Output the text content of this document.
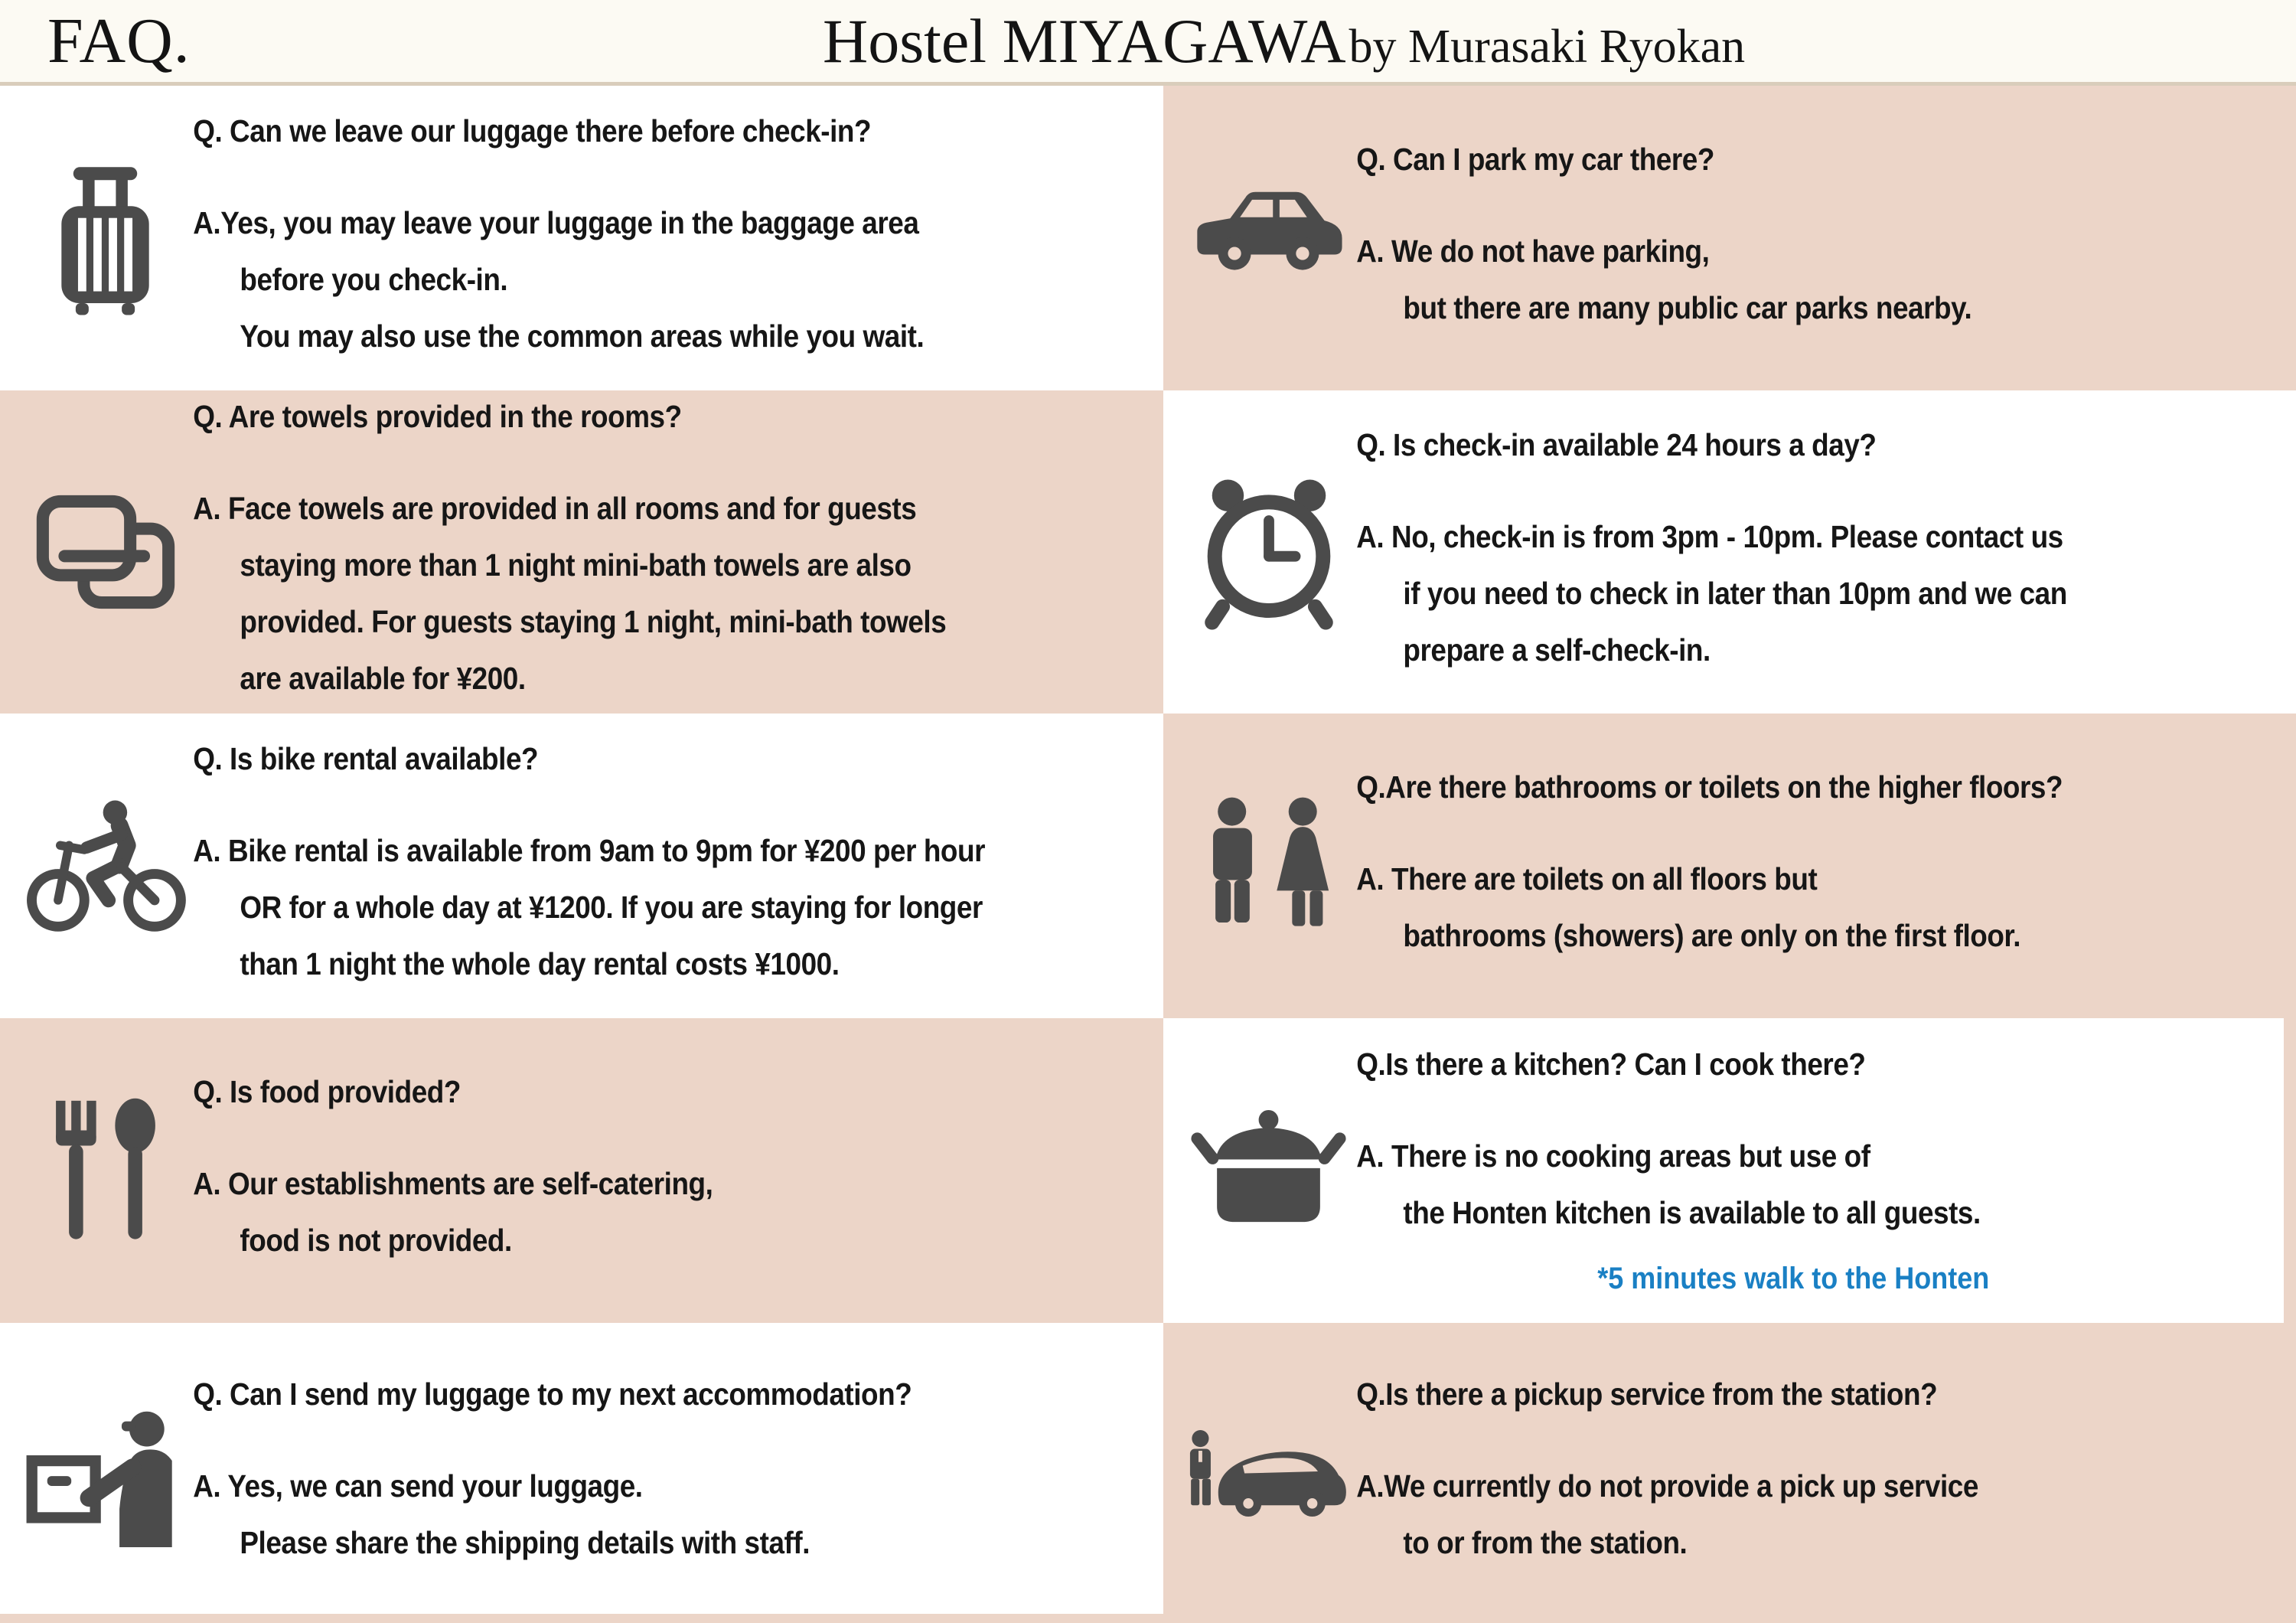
FAQ.	Hostel MIYAGAWA by Murasaki Ryokan
Q. Can we leave our luggage there before check-in?
A.Yes, you may leave your luggage in the baggage area
before you check-in.
You may also use the common areas while you wait.
Q. Can I park my car there?
A. We do not have parking,
but there are many public car parks nearby.
Q. Are towels provided in the rooms?
A. Face towels are provided in all rooms and for guests
staying more than 1 night mini-bath towels are also
provided. For guests staying 1 night, mini-bath towels
are available for ¥200.
Q. Is check-in available 24 hours a day?
A. No, check-in is from 3pm - 10pm. Please contact us
if you need to check in later than 10pm and we can
prepare a self-check-in.
Q. Is bike rental available?
A. Bike rental is available from 9am to 9pm for ¥200 per hour
OR for a whole day at ¥1200. If you are staying for longer
than 1 night the whole day rental costs ¥1000.
Q.Are there bathrooms or toilets on the higher floors?
A. There are toilets on all floors but
bathrooms (showers) are only on the first floor.
Q. Is food provided?
A. Our establishments are self-catering,
food is not provided.
Q.Is there a kitchen? Can I cook there?
A. There is no cooking areas but use of
the Honten kitchen is available to all guests.
*5 minutes walk to the Honten
Q. Can I send my luggage to my next accommodation?
A. Yes, we can send your luggage.
Please share the shipping details with staff.
Q.Is there a pickup service from the station?
A.We currently do not provide a pick up service
to or from the station.
